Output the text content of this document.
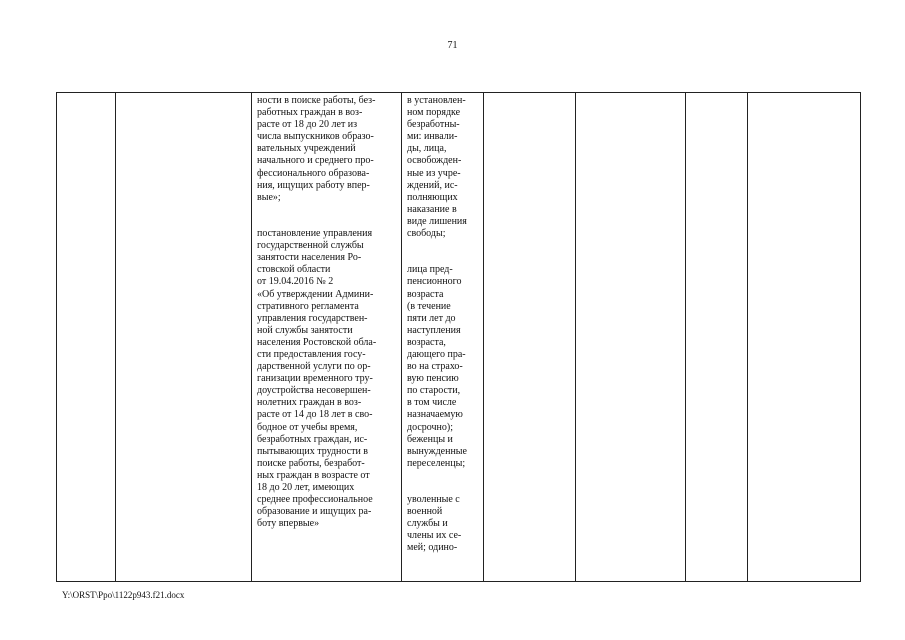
71
ности в поиске работы, без-
работных граждан в воз-
расте от 18 до 20 лет из
числа выпускников образо-
вательных учреждений
начального и среднего про-
фессионального образова-
ния, ищущих работу впер-
вые»;

постановление управления
государственной службы
занятости населения Ро-
стовской области
от 19.04.2016 № 2
«Об утверждении Админи-
стративного регламента
управления государствен-
ной службы занятости
населения Ростовской обла-
сти предоставления госу-
дарственной услуги по ор-
ганизации временного тру-
доустройства несовершен-
нолетних граждан в воз-
расте от 14 до 18 лет в сво-
бодное от учебы время,
безработных граждан, ис-
пытывающих трудности в
поиске работы, безработ-
ных граждан в возрасте от
18 до 20 лет, имеющих
среднее профессиональное
образование и ищущих ра-
боту впервые»
в установлен-
ном порядке
безработны-
ми: инвали-
ды, лица,
освобожден-
ные из учре-
ждений, ис-
полняющих
наказание в
виде лишения
свободы;

лица пред-
пенсионного
возраста
(в течение
пяти лет до
наступления
возраста,
дающего пра-
во на страхо-
вую пенсию
по старости,
в том числе
назначаемую
досрочно);
беженцы и
вынужденные
переселенцы;

уволенные с
военной
службы и
члены их се-
мей; одино-
Y:\ORST\Ppo\1122p943.f21.docx
